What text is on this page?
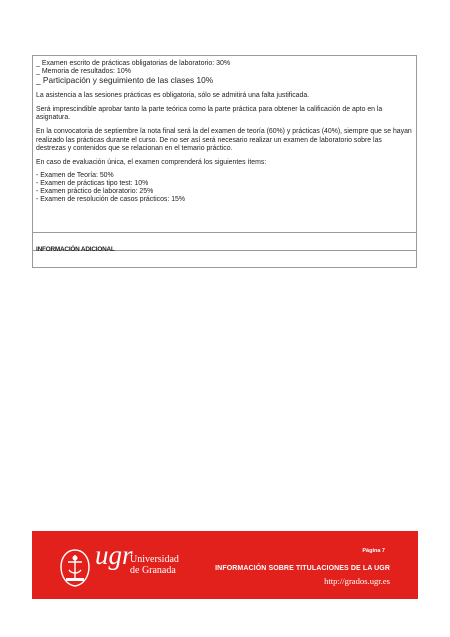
_ Examen escrito de prácticas obligatorias de laboratorio: 30%

_ Memoria de resultados: 10%

_ Participación y seguimiento de las clases 10%

La asistencia a las sesiones prácticas es obligatoria, sólo se admitirá una falta justificada.

Será imprescindible aprobar tanto la parte teórica como la parte práctica para obtener la calificación de apto en la asignatura.

En la convocatoria de septiembre la nota final será la del examen de teoría (60%) y prácticas (40%), siempre que se hayan realizado las prácticas durante el curso. De no ser así será necesario realizar un examen de laboratorio sobre las destrezas y contenidos que se relacionan en el temario práctico.

En caso de evaluación única, el examen comprenderá los siguientes ítems:

- Examen de Teoría: 50%

- Examen de prácticas tipo test: 10%

- Examen práctico de laboratorio: 25%

- Examen de resolución de casos prácticos: 15%

INFORMACIÓN ADICIONAL
ugr
Universidad
de Granada
Página 7
INFORMACIÓN SOBRE TITULACIONES DE LA UGR
http://grados.ugr.es
